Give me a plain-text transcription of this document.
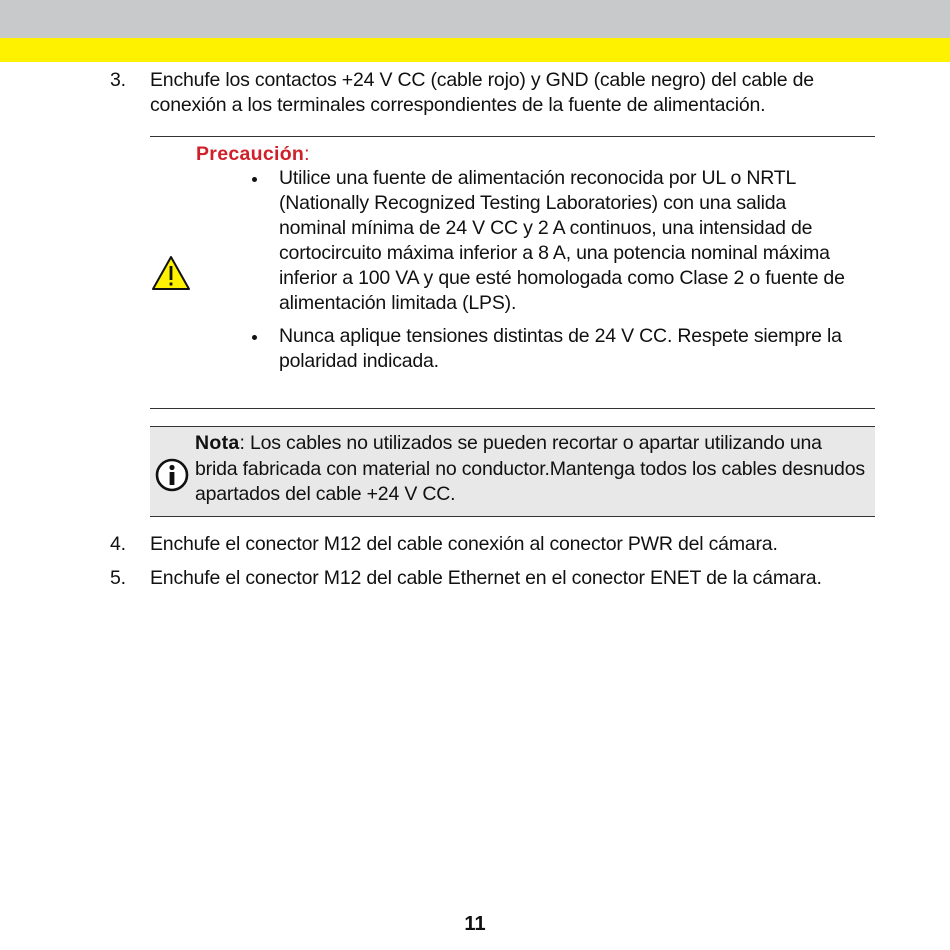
3. Enchufe los contactos +24 V CC (cable rojo) y GND (cable negro) del cable de conexión a los terminales correspondientes de la fuente de alimentación.
Precaución:
Utilice una fuente de alimentación reconocida por UL o NRTL (Nationally Recognized Testing Laboratories) con una salida nominal mínima de 24 V CC y 2 A continuos, una intensidad de cortocircuito máxima inferior a 8 A, una potencia nominal máxima inferior a 100 VA y que esté homologada como Clase 2 o fuente de alimentación limitada (LPS).
Nunca aplique tensiones distintas de 24 V CC. Respete siempre la polaridad indicada.
Nota: Los cables no utilizados se pueden recortar o apartar utilizando una brida fabricada con material no conductor.Mantenga todos los cables desnudos apartados del cable +24 V CC.
4. Enchufe el conector M12 del cable conexión al conector PWR del cámara.
5. Enchufe el conector M12 del cable Ethernet en el conector ENET de la cámara.
11
